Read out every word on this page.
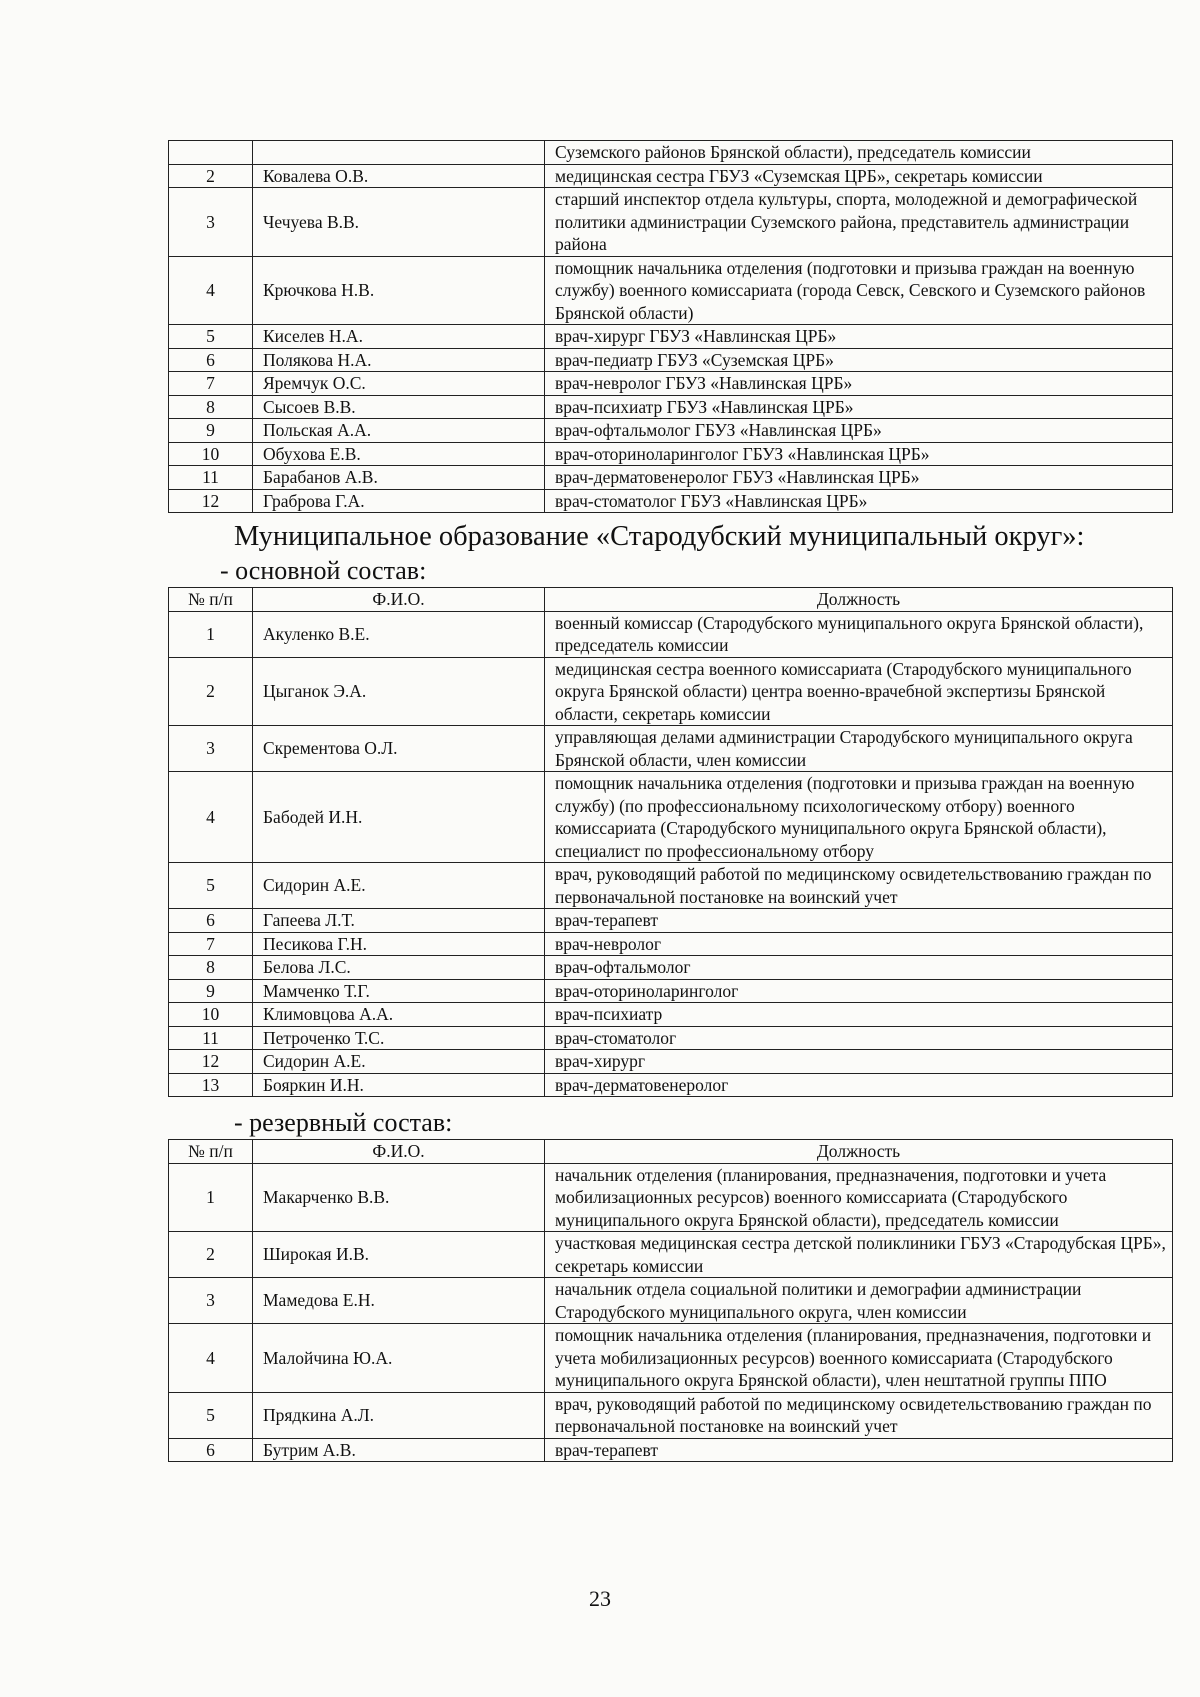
		Суземского районов Брянской области), председатель комиссии
2	Ковалева О.В.	медицинская сестра ГБУЗ «Суземская ЦРБ», секретарь комиссии
3	Чечуева В.В.	старший инспектор отдела культуры, спорта, молодежной и демографической политики администрации Суземского района, представитель администрации района
4	Крючкова Н.В.	помощник начальника отделения (подготовки и призыва граждан на военную службу) военного комиссариата (города Севск, Севского и Суземского районов Брянской области)
5	Киселев Н.А.	врач-хирург ГБУЗ «Навлинская ЦРБ»
6	Полякова Н.А.	врач-педиатр ГБУЗ «Суземская ЦРБ»
7	Яремчук О.С.	врач-невролог ГБУЗ «Навлинская ЦРБ»
8	Сысоев В.В.	врач-психиатр ГБУЗ «Навлинская ЦРБ»
9	Польская А.А.	врач-офтальмолог ГБУЗ «Навлинская ЦРБ»
10	Обухова Е.В.	врач-оториноларинголог ГБУЗ «Навлинская ЦРБ»
11	Барабанов А.В.	врач-дерматовенеролог ГБУЗ «Навлинская ЦРБ»
12	Граброва Г.А.	врач-стоматолог ГБУЗ «Навлинская ЦРБ»
Муниципальное образование «Стародубский муниципальный округ»:
- основной состав:
№ п/п	Ф.И.О.	Должность
1	Акуленко В.Е.	военный комиссар (Стародубского муниципального округа Брянской области), председатель комиссии
2	Цыганок Э.А.	медицинская сестра военного комиссариата (Стародубского муниципального округа Брянской области) центра военно-врачебной экспертизы Брянской области, секретарь комиссии
3	Скрементова О.Л.	управляющая делами администрации Стародубского муниципального округа Брянской области, член комиссии
4	Бабодей И.Н.	помощник начальника отделения (подготовки и призыва граждан на военную службу) (по профессиональному психологическому отбору) военного комиссариата (Стародубского муниципального округа Брянской области), специалист по профессиональному отбору
5	Сидорин А.Е.	врач, руководящий работой по медицинскому освидетельствованию граждан по первоначальной постановке на воинский учет
6	Гапеева Л.Т.	врач-терапевт
7	Песикова Г.Н.	врач-невролог
8	Белова Л.С.	врач-офтальмолог
9	Мамченко Т.Г.	врач-оториноларинголог
10	Климовцова А.А.	врач-психиатр
11	Петроченко Т.С.	врач-стоматолог
12	Сидорин А.Е.	врач-хирург
13	Бояркин И.Н.	врач-дерматовенеролог
- резервный состав:
№ п/п	Ф.И.О.	Должность
1	Макарченко В.В.	начальник отделения (планирования, предназначения, подготовки и учета мобилизационных ресурсов) военного комиссариата (Стародубского муниципального округа Брянской области), председатель комиссии
2	Широкая И.В.	участковая медицинская сестра детской поликлиники ГБУЗ «Стародубская ЦРБ», секретарь комиссии
3	Мамедова Е.Н.	начальник отдела социальной политики и демографии администрации Стародубского муниципального округа, член комиссии
4	Малойчина Ю.А.	помощник начальника отделения (планирования, предназначения, подготовки и учета мобилизационных ресурсов) военного комиссариата (Стародубского муниципального округа Брянской области), член нештатной группы ППО
5	Прядкина А.Л.	врач, руководящий работой по медицинскому освидетельствованию граждан по первоначальной постановке на воинский учет
6	Бутрим А.В.	врач-терапевт
23
